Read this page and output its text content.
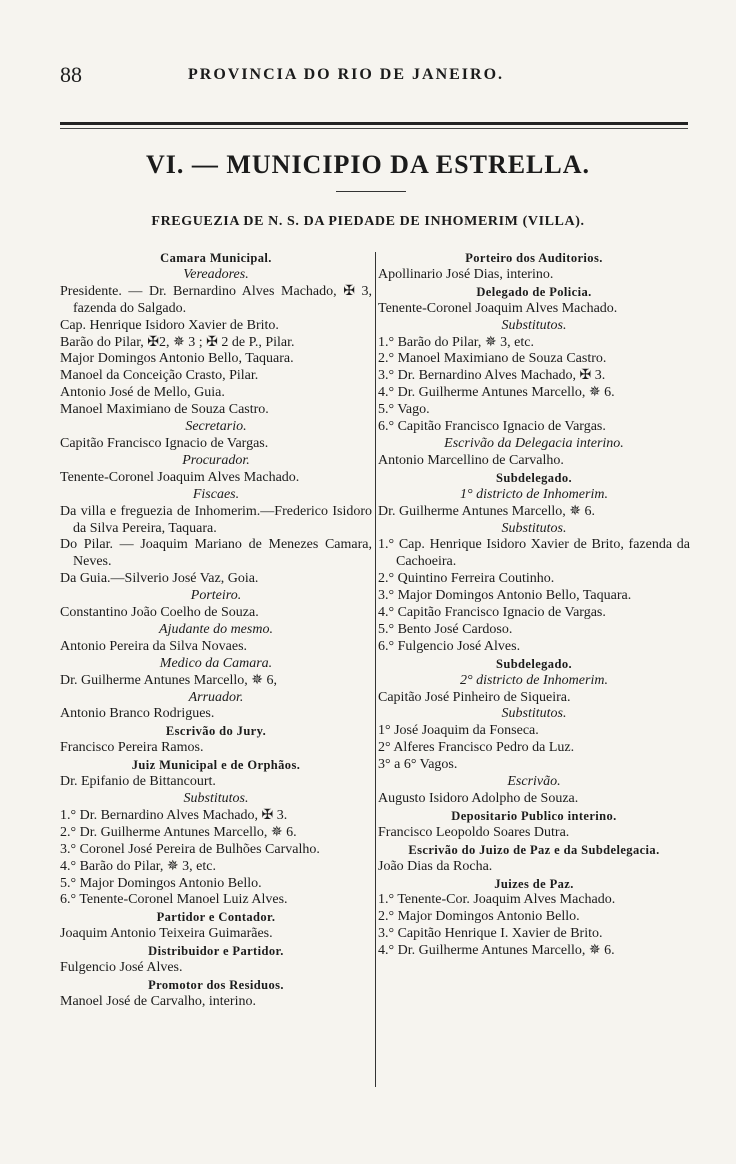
88	PROVINCIA DO RIO DE JANEIRO.
VI. — MUNICIPIO DA ESTRELLA.
FREGUEZIA DE N. S. DA PIEDADE DE INHOMERIM (VILLA).
Camara Municipal.
Vereadores.
Presidente. — Dr. Bernardino Alves Machado, ✠ 3, fazenda do Salgado.
Cap. Henrique Isidoro Xavier de Brito.
Barão do Pilar, ✠2, ✵ 3 ; ✠ 2 de P., Pilar.
Major Domingos Antonio Bello, Taquara.
Manoel da Conceição Crasto, Pilar.
Antonio José de Mello, Guia.
Manoel Maximiano de Souza Castro.
Secretario.
Capitão Francisco Ignacio de Vargas.
Procurador.
Tenente-Coronel Joaquim Alves Machado.
Fiscaes.
Da villa e freguezia de Inhomerim.—Frederico Isidoro da Silva Pereira, Taquara.
Do Pilar. — Joaquim Mariano de Menezes Camara, Neves.
Da Guia.—Silverio José Vaz, Goia.
Porteiro.
Constantino João Coelho de Souza.
Ajudante do mesmo.
Antonio Pereira da Silva Novaes.
Medico da Camara.
Dr. Guilherme Antunes Marcello, ✵ 6,
Arruador.
Antonio Branco Rodrigues.
Escrivão do Jury.
Francisco Pereira Ramos.
Juiz Municipal e de Orphãos.
Dr. Epifanio de Bittancourt.
Substitutos.
1.° Dr. Bernardino Alves Machado, ✠ 3.
2.° Dr. Guilherme Antunes Marcello, ✵ 6.
3.° Coronel José Pereira de Bulhões Carvalho.
4.° Barão do Pilar, ✵ 3, etc.
5.° Major Domingos Antonio Bello.
6.° Tenente-Coronel Manoel Luiz Alves.
Partidor e Contador.
Joaquim Antonio Teixeira Guimarães.
Distribuidor e Partidor.
Fulgencio José Alves.
Promotor dos Residuos.
Manoel José de Carvalho, interino.
Porteiro dos Auditorios.
Apollinario José Dias, interino.
Delegado de Policia.
Tenente-Coronel Joaquim Alves Machado.
Substitutos.
1.° Barão do Pilar, ✵ 3, etc.
2.° Manoel Maximiano de Souza Castro.
3.° Dr. Bernardino Alves Machado, ✠ 3.
4.° Dr. Guilherme Antunes Marcello, ✵ 6.
5.° Vago.
6.° Capitão Francisco Ignacio de Vargas.
Escrivão da Delegacia interino.
Antonio Marcellino de Carvalho.
Subdelegado.
1° districto de Inhomerim.
Dr. Guilherme Antunes Marcello, ✵ 6.
Substitutos.
1.° Cap. Henrique Isidoro Xavier de Brito, fazenda da Cachoeira.
2.° Quintino Ferreira Coutinho.
3.° Major Domingos Antonio Bello, Taquara.
4.° Capitão Francisco Ignacio de Vargas.
5.° Bento José Cardoso.
6.° Fulgencio José Alves.
Subdelegado.
2° districto de Inhomerim.
Capitão José Pinheiro de Siqueira.
Substitutos.
1° José Joaquim da Fonseca.
2° Alferes Francisco Pedro da Luz.
3° a 6° Vagos.
Escrivão.
Augusto Isidoro Adolpho de Souza.
Depositario Publico interino.
Francisco Leopoldo Soares Dutra.
Escrivão do Juizo de Paz e da Subdelegacia.
João Dias da Rocha.
Juizes de Paz.
1.° Tenente-Cor. Joaquim Alves Machado.
2.° Major Domingos Antonio Bello.
3.° Capitão Henrique I. Xavier de Brito.
4.° Dr. Guilherme Antunes Marcello, ✵ 6.
